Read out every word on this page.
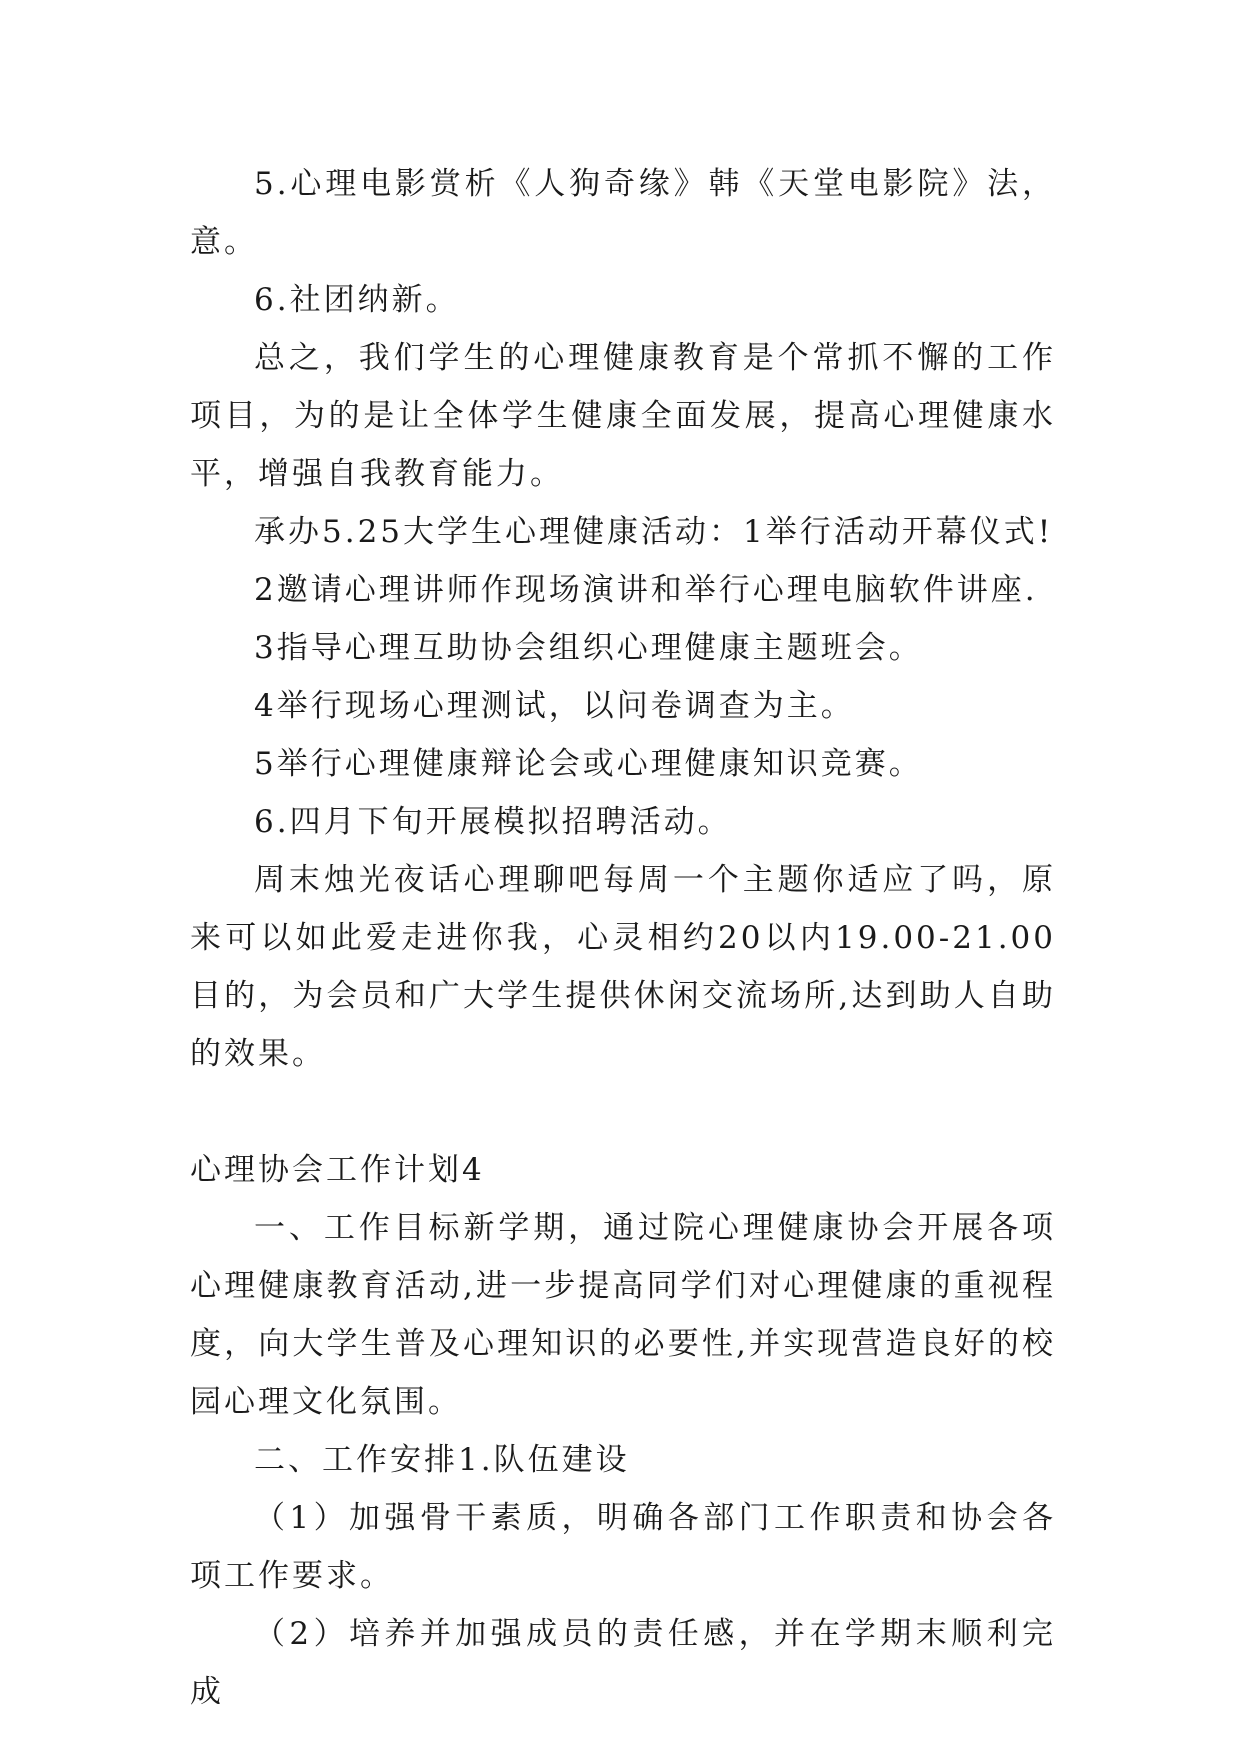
5.心理电影赏析《人狗奇缘》韩《天堂电影院》法，意。

6.社团纳新。

总之，我们学生的心理健康教育是个常抓不懈的工作项目，为的是让全体学生健康全面发展，提高心理健康水平，增强自我教育能力。

承办5.25大学生心理健康活动：1举行活动开幕仪式!

2邀请心理讲师作现场演讲和举行心理电脑软件讲座.

3指导心理互助协会组织心理健康主题班会。

4举行现场心理测试，以问卷调查为主。

5举行心理健康辩论会或心理健康知识竞赛。

6.四月下旬开展模拟招聘活动。

周末烛光夜话心理聊吧每周一个主题你适应了吗，原来可以如此爱走进你我，心灵相约20以内19.00-21.00目的，为会员和广大学生提供休闲交流场所,达到助人自助的效果。

心理协会工作计划4

一、工作目标新学期，通过院心理健康协会开展各项心理健康教育活动,进一步提高同学们对心理健康的重视程度，向大学生普及心理知识的必要性,并实现营造良好的校园心理文化氛围。

二、工作安排1.队伍建设

（1）加强骨干素质，明确各部门工作职责和协会各项工作要求。

（2）培养并加强成员的责任感，并在学期末顺利完成
